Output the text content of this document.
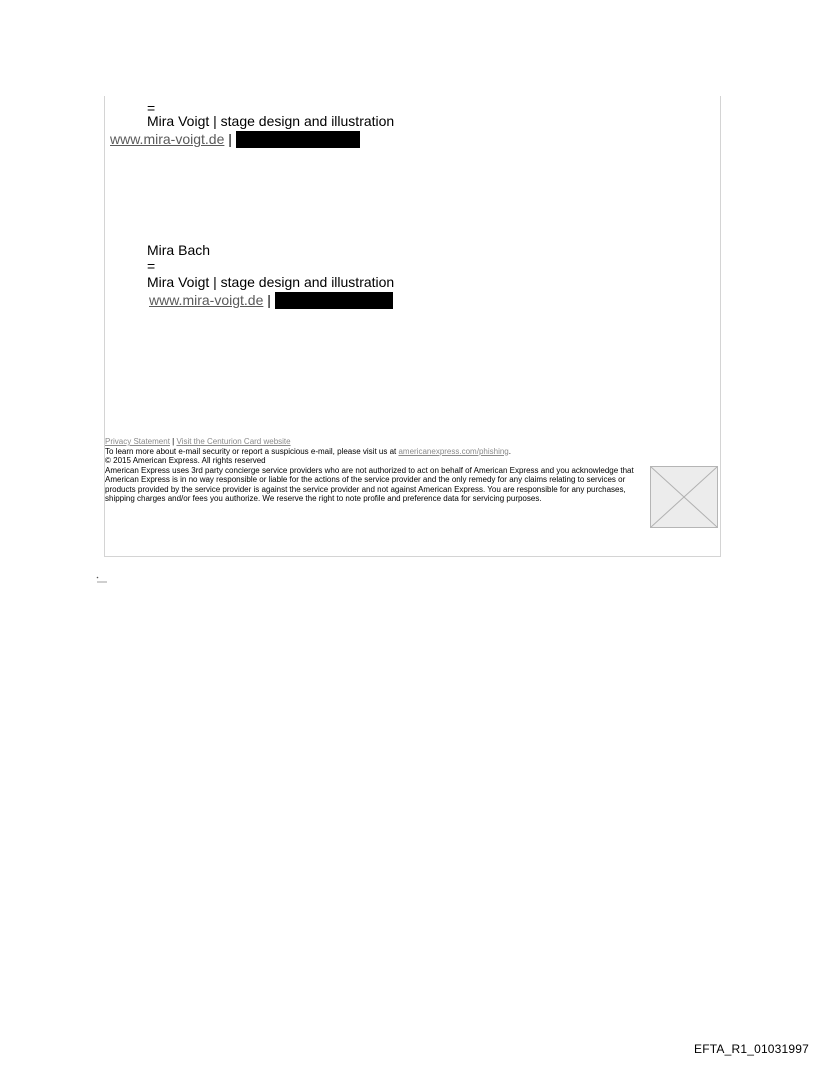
=
Mira Voigt | stage design and illustration
www.mira-voigt.de |
Mira Bach
=
Mira Voigt | stage design and illustration
www.mira-voigt.de |

Privacy Statement | Visit the Centurion Card website

To learn more about e-mail security or report a suspicious e-mail, please visit us at americanexpress.com/phishing.

© 2015 American Express. All rights reserved

American Express uses 3rd party concierge service providers who are not authorized to act on behalf of American Express and you acknowledge that American Express is in no way responsible or liable for the actions of the service provider and the only remedy for any claims relating to services or products provided by the service provider is against the service provider and not against American Express. You are responsible for any purchases, shipping charges and/or fees you authorize. We reserve the right to note profile and preference data for servicing purposes.

EFTA_R1_01031997
